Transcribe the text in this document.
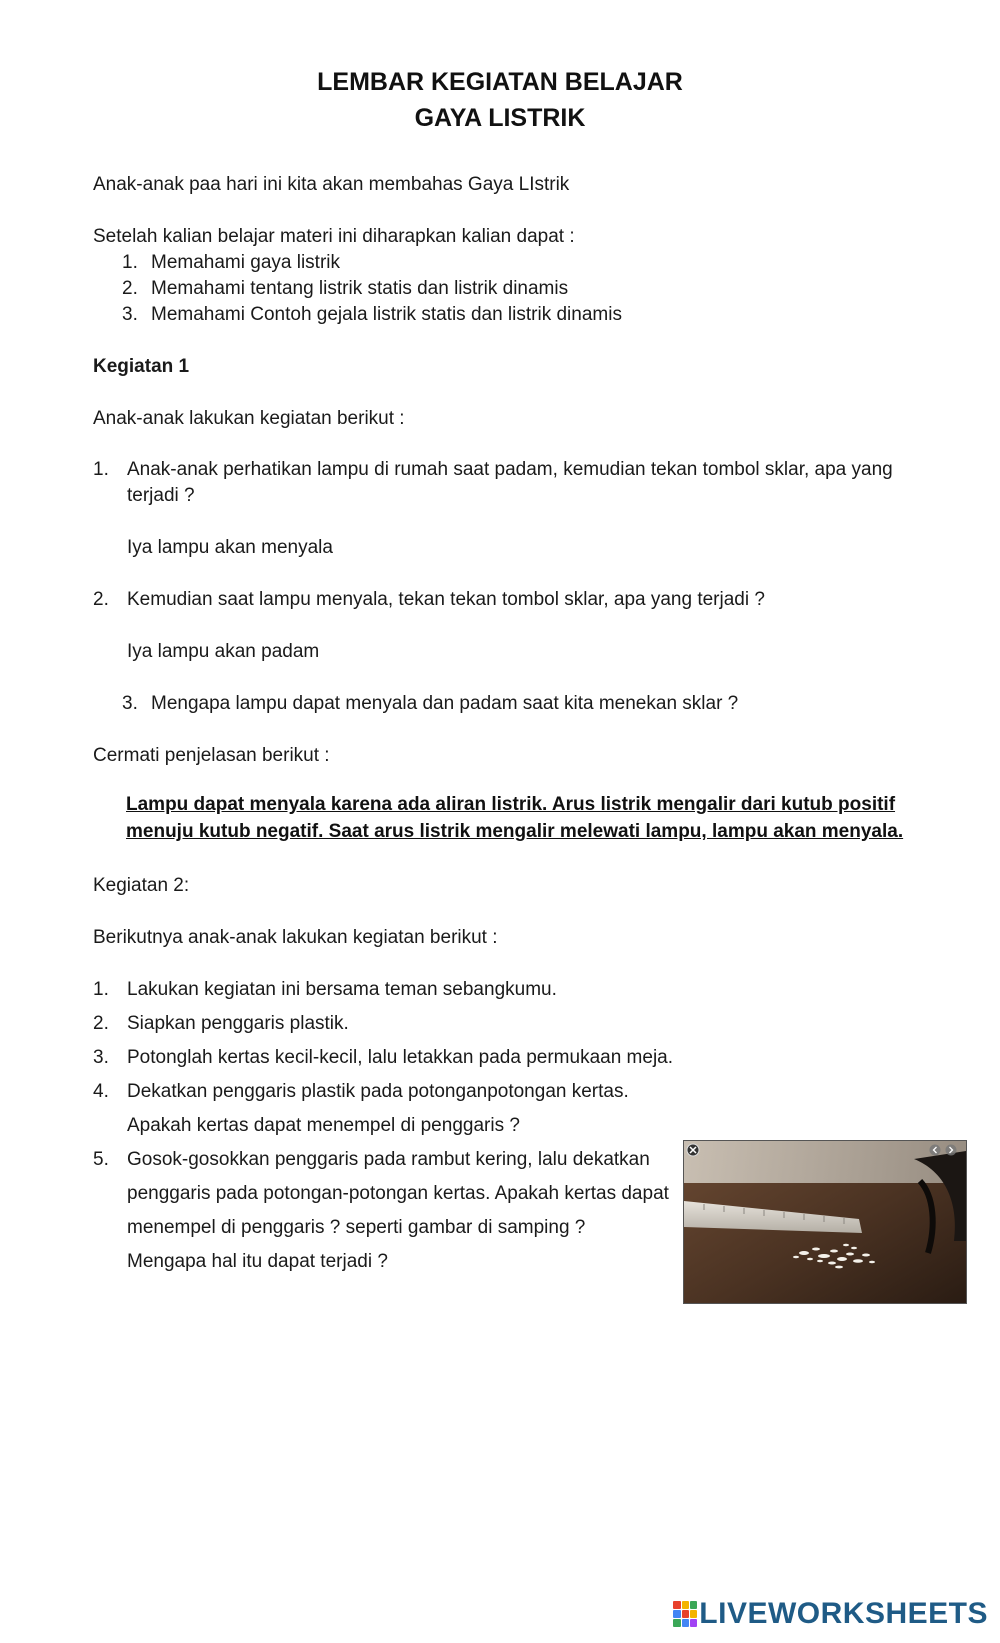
LEMBAR KEGIATAN BELAJAR
GAYA LISTRIK
Anak-anak paa hari ini kita akan membahas Gaya LIstrik
Setelah kalian belajar materi ini diharapkan kalian dapat :
1. Memahami gaya listrik
2. Memahami tentang listrik statis dan listrik dinamis
3. Memahami Contoh gejala listrik statis dan listrik dinamis
Kegiatan 1
Anak-anak lakukan kegiatan berikut :
1. Anak-anak perhatikan lampu di rumah saat padam, kemudian tekan tombol sklar, apa yang
terjadi ?
Iya lampu akan menyala
2. Kemudian saat lampu menyala, tekan tekan tombol sklar, apa yang terjadi ?
Iya lampu akan padam
3. Mengapa lampu dapat menyala dan padam saat kita menekan sklar ?
Cermati penjelasan berikut :
Lampu dapat menyala karena ada aliran listrik. Arus listrik mengalir dari kutub positif menuju kutub negatif. Saat arus listrik mengalir melewati lampu, lampu akan menyala.
Kegiatan 2:
Berikutnya anak-anak lakukan kegiatan berikut :
1. Lakukan kegiatan ini bersama teman sebangkumu.
2. Siapkan penggaris plastik.
3. Potonglah kertas kecil-kecil, lalu letakkan pada permukaan meja.
4. Dekatkan penggaris plastik pada potonganpotongan kertas.
Apakah kertas dapat menempel di penggaris ?
5. Gosok-gosokkan penggaris pada rambut kering, lalu dekatkan
penggaris pada potongan-potongan kertas. Apakah kertas dapat
menempel di penggaris ? seperti gambar di samping ?
Mengapa hal itu dapat terjadi ?
LIVEWORKSHEETS
